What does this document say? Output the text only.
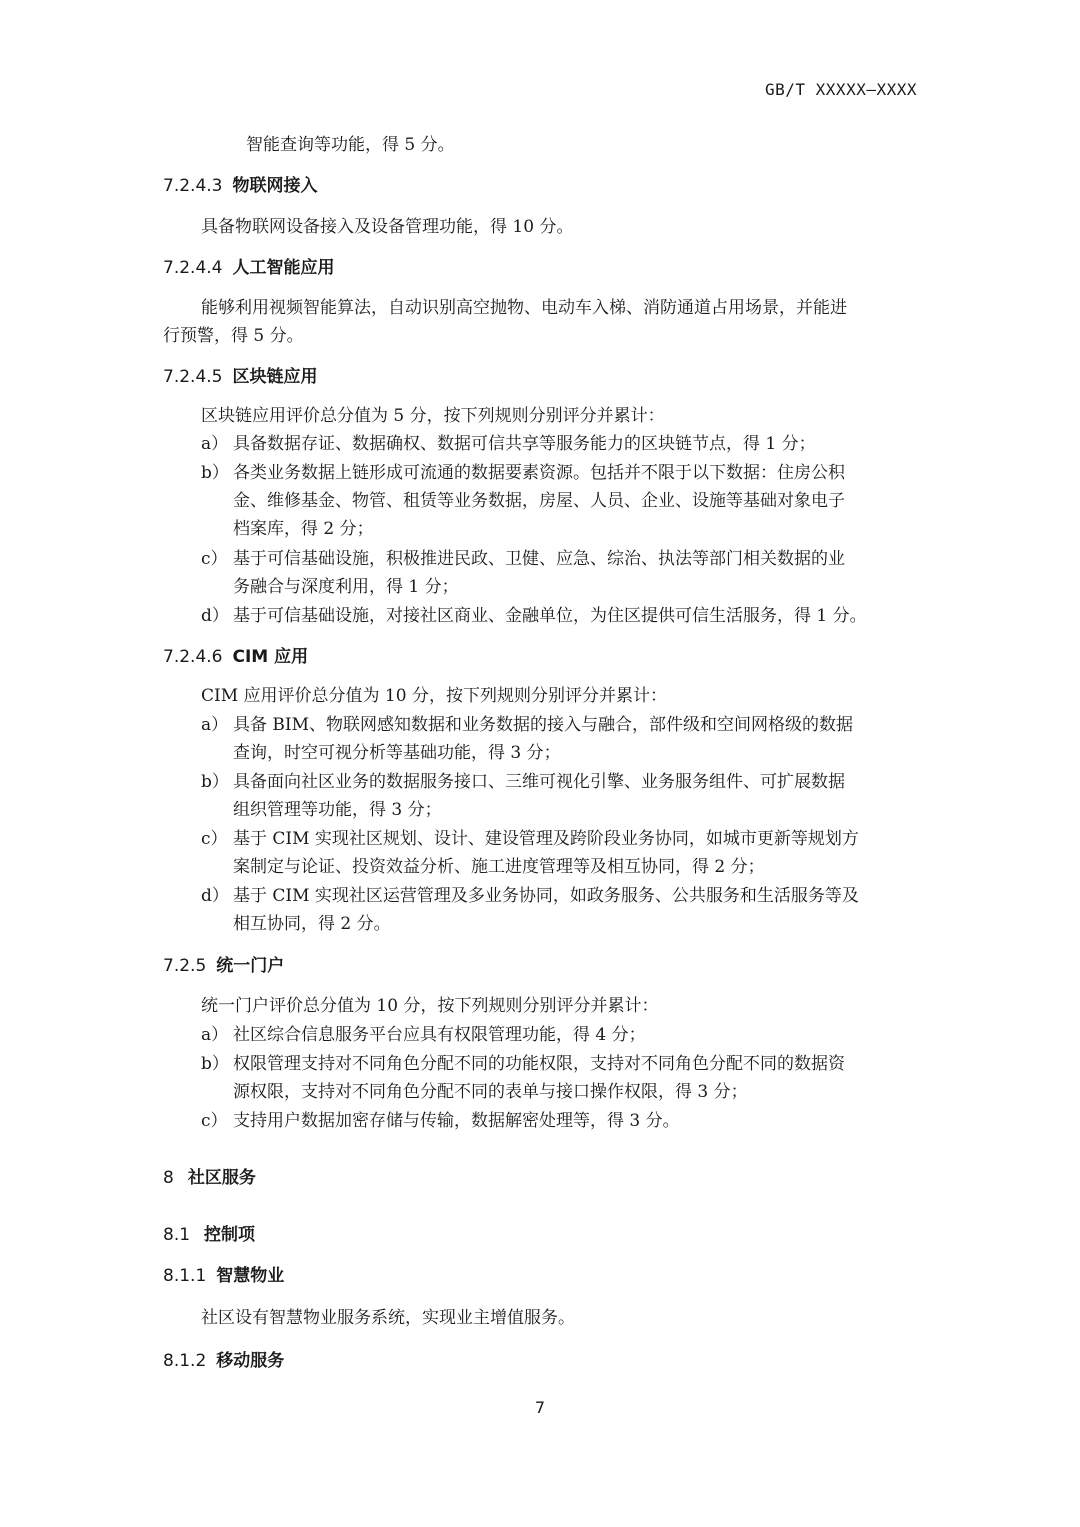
GB/T XXXXX—XXXX
智能查询等功能，得 5 分。
7.2.4.3 物联网接入
具备物联网设备接入及设备管理功能，得 10 分。
7.2.4.4 人工智能应用
能够利用视频智能算法，自动识别高空抛物、电动车入梯、消防通道占用场景，并能进
行预警，得 5 分。
7.2.4.5 区块链应用
区块链应用评价总分值为 5 分，按下列规则分别评分并累计：
a） 具备数据存证、数据确权、数据可信共享等服务能力的区块链节点，得 1 分；
b） 各类业务数据上链形成可流通的数据要素资源。包括并不限于以下数据：住房公积
金、维修基金、物管、租赁等业务数据，房屋、人员、企业、设施等基础对象电子
档案库，得 2 分；
c） 基于可信基础设施，积极推进民政、卫健、应急、综治、执法等部门相关数据的业
务融合与深度利用，得 1 分；
d） 基于可信基础设施，对接社区商业、金融单位，为住区提供可信生活服务，得 1 分。
7.2.4.6 CIM 应用
CIM 应用评价总分值为 10 分，按下列规则分别评分并累计：
a） 具备 BIM、物联网感知数据和业务数据的接入与融合，部件级和空间网格级的数据
查询，时空可视分析等基础功能，得 3 分；
b） 具备面向社区业务的数据服务接口、三维可视化引擎、业务服务组件、可扩展数据
组织管理等功能，得 3 分；
c） 基于 CIM 实现社区规划、设计、建设管理及跨阶段业务协同，如城市更新等规划方
案制定与论证、投资效益分析、施工进度管理等及相互协同，得 2 分；
d） 基于 CIM 实现社区运营管理及多业务协同，如政务服务、公共服务和生活服务等及
相互协同，得 2 分。
7.2.5 统一门户
统一门户评价总分值为 10 分，按下列规则分别评分并累计：
a） 社区综合信息服务平台应具有权限管理功能，得 4 分；
b） 权限管理支持对不同角色分配不同的功能权限，支持对不同角色分配不同的数据资
源权限，支持对不同角色分配不同的表单与接口操作权限，得 3 分；
c） 支持用户数据加密存储与传输，数据解密处理等，得 3 分。
8 社区服务
8.1 控制项
8.1.1 智慧物业
社区设有智慧物业服务系统，实现业主增值服务。
8.1.2 移动服务
7
